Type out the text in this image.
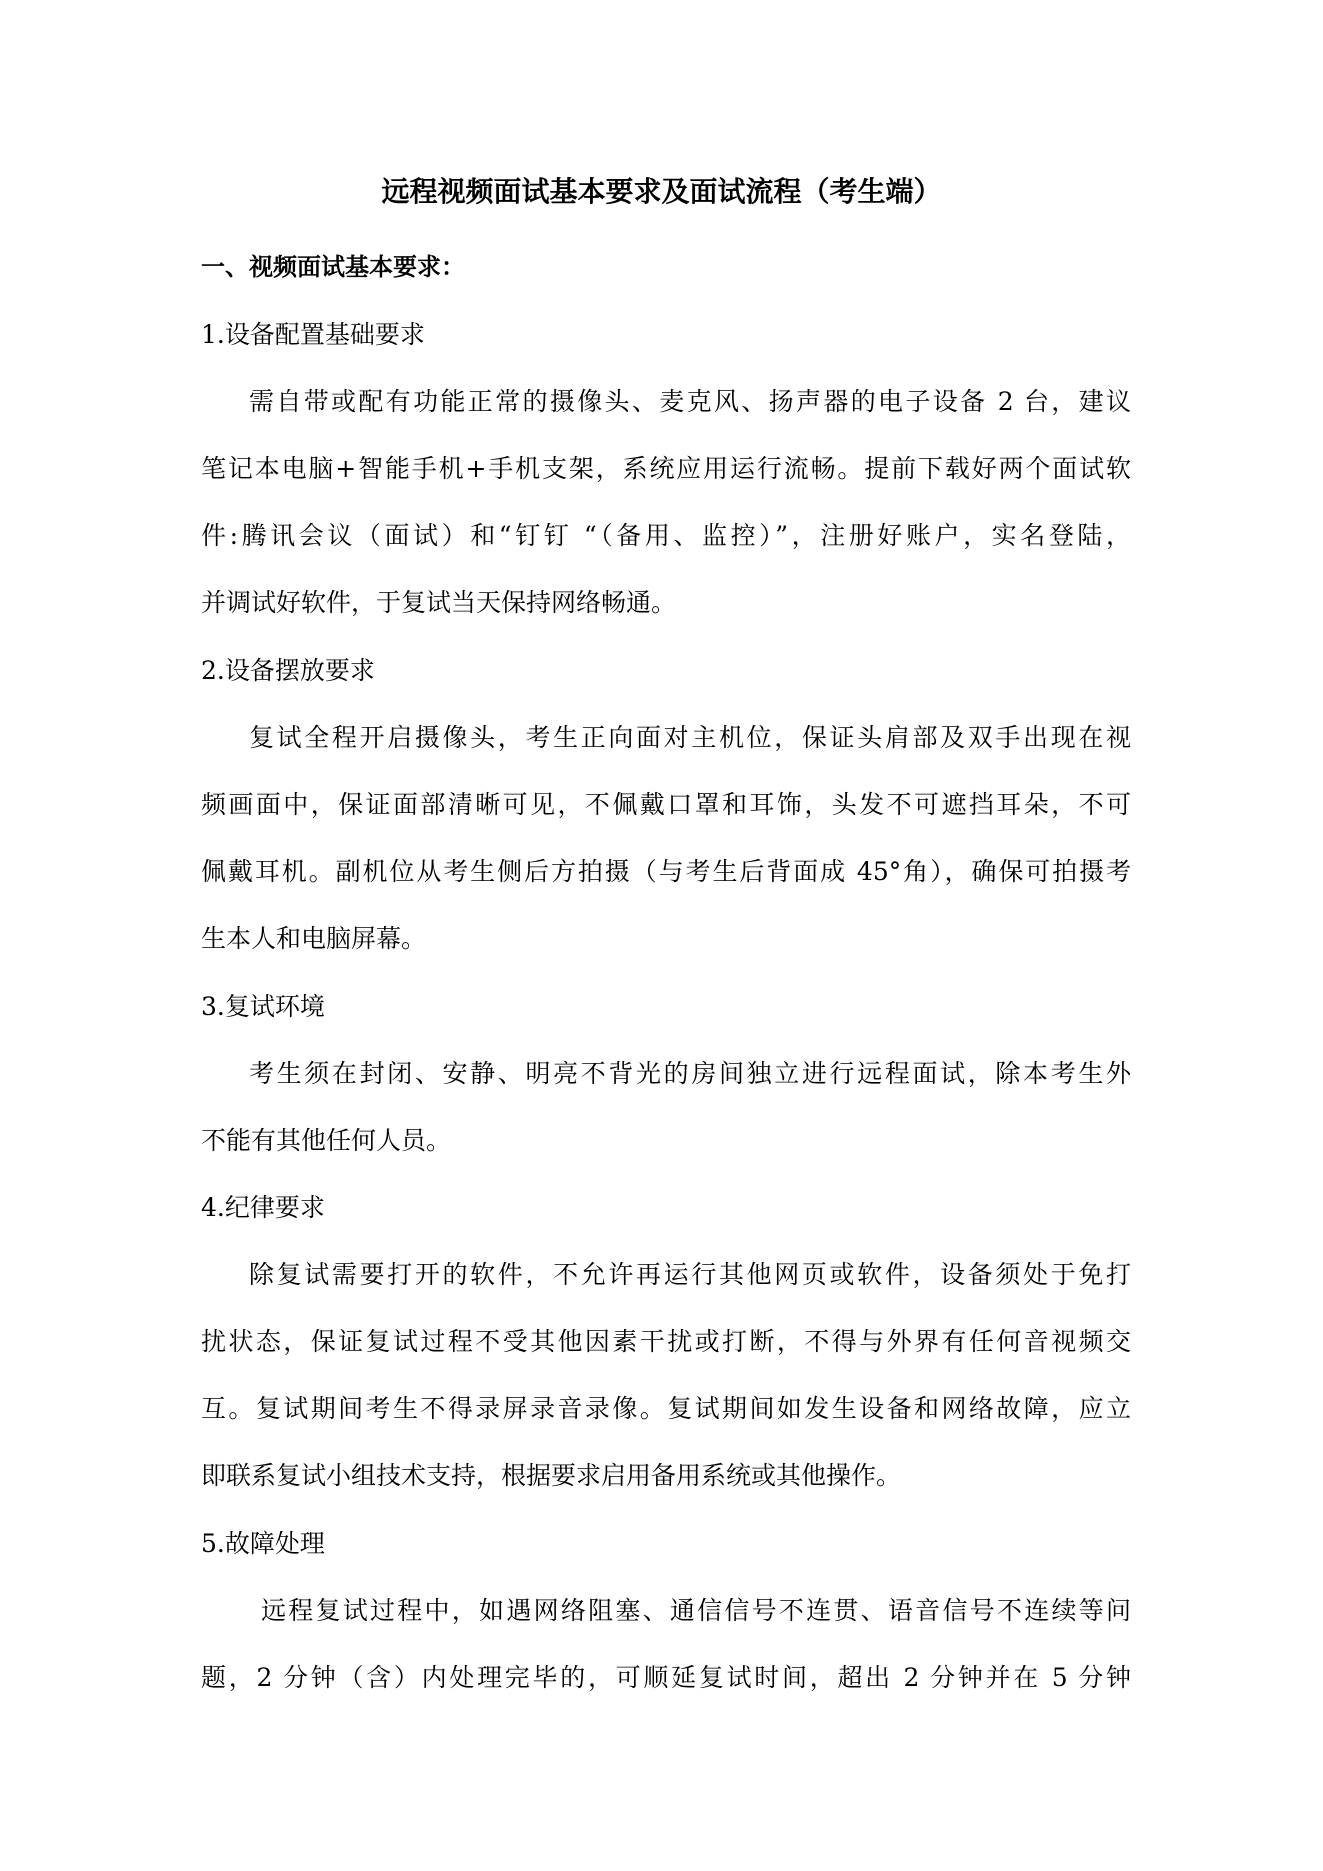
远程视频面试基本要求及面试流程（考生端）
一、视频面试基本要求：
1.设备配置基础要求
需自带或配有功能正常的摄像头、麦克风、扬声器的电子设备 2 台，建议
笔记本电脑+智能手机+手机支架，系统应用运行流畅。提前下载好两个面试软
件:腾讯会议（面试）和“钉钉 “（备用、监控）”，注册好账户，实名登陆，
并调试好软件，于复试当天保持网络畅通。
2.设备摆放要求
复试全程开启摄像头，考生正向面对主机位，保证头肩部及双手出现在视
频画面中，保证面部清晰可见，不佩戴口罩和耳饰，头发不可遮挡耳朵，不可
佩戴耳机。副机位从考生侧后方拍摄（与考生后背面成 45°角），确保可拍摄考
生本人和电脑屏幕。
3.复试环境
考生须在封闭、安静、明亮不背光的房间独立进行远程面试，除本考生外
不能有其他任何人员。
4.纪律要求
除复试需要打开的软件，不允许再运行其他网页或软件，设备须处于免打
扰状态，保证复试过程不受其他因素干扰或打断，不得与外界有任何音视频交
互。复试期间考生不得录屏录音录像。复试期间如发生设备和网络故障，应立
即联系复试小组技术支持，根据要求启用备用系统或其他操作。
5.故障处理
远程复试过程中，如遇网络阻塞、通信信号不连贯、语音信号不连续等问
题，2 分钟（含）内处理完毕的，可顺延复试时间，超出 2 分钟并在 5 分钟
